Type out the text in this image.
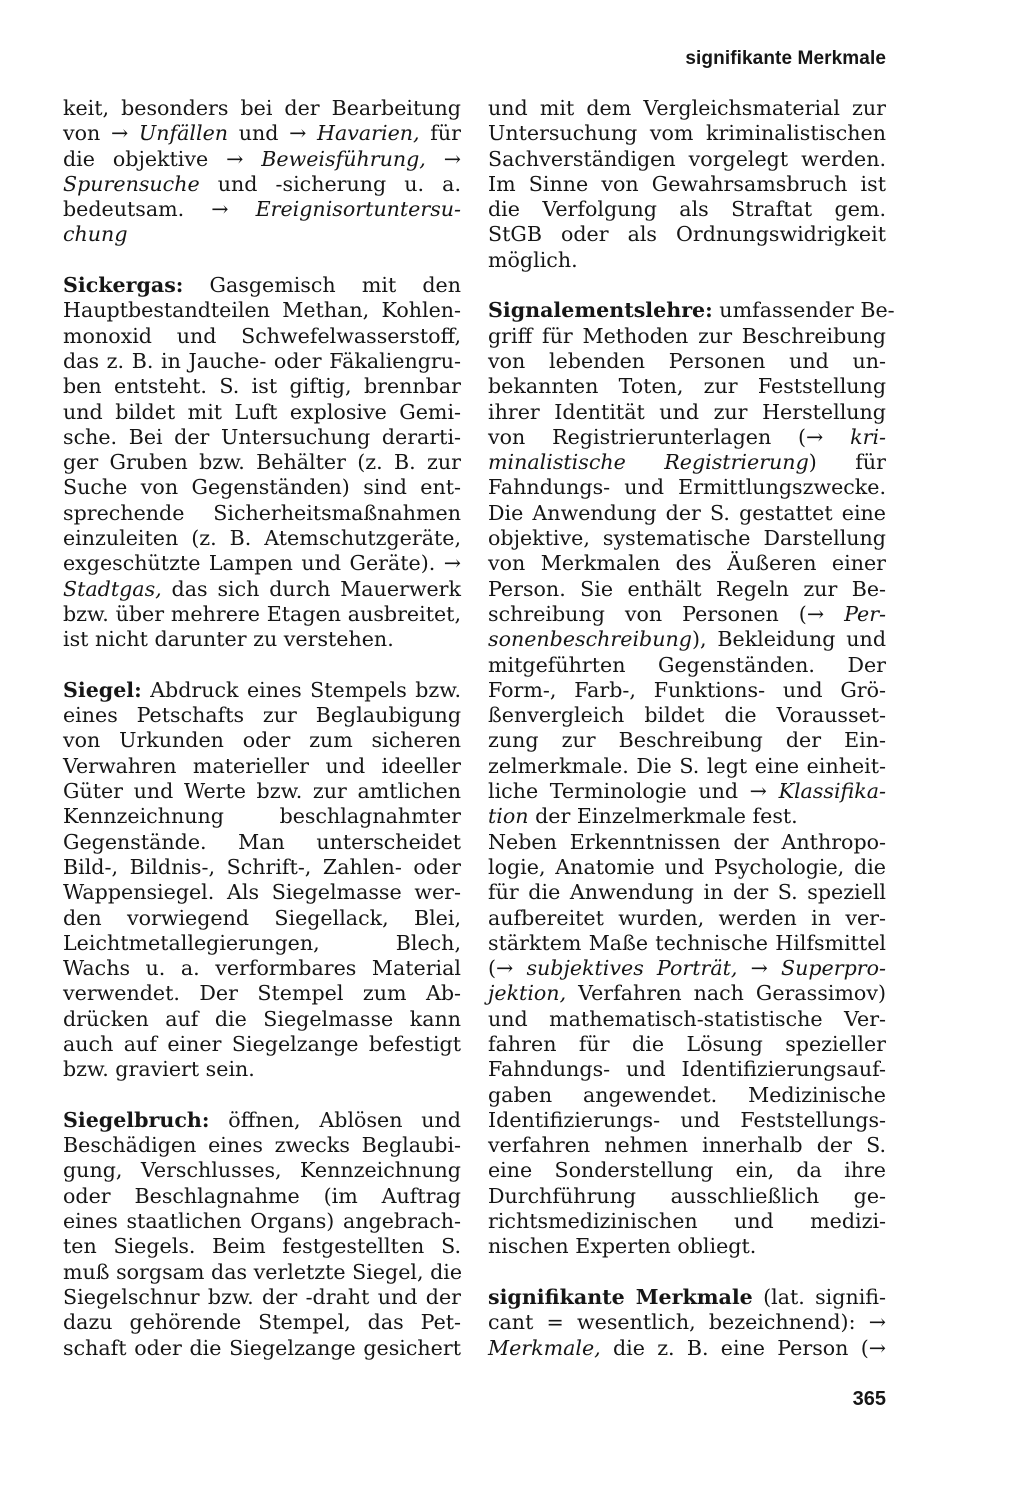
signifikante Merkmale
keit, besonders bei der Bearbeitung
von → Unfällen und → Havarien, für
die objektive → Beweisführung, →
Spurensuche und -sicherung u. a.
bedeutsam. → Ereignisortuntersu-
chung
Sickergas: Gasgemisch mit den
Hauptbestandteilen Methan, Kohlen-
monoxid und Schwefelwasserstoff,
das z. B. in Jauche- oder Fäkaliengru-
ben entsteht. S. ist giftig, brennbar
und bildet mit Luft explosive Gemi-
sche. Bei der Untersuchung derarti-
ger Gruben bzw. Behälter (z. B. zur
Suche von Gegenständen) sind ent-
sprechende Sicherheitsmaßnahmen
einzuleiten (z. B. Atemschutzgeräte,
exgeschützte Lampen und Geräte). →
Stadtgas, das sich durch Mauerwerk
bzw. über mehrere Etagen ausbreitet,
ist nicht darunter zu verstehen.
Siegel: Abdruck eines Stempels bzw.
eines Petschafts zur Beglaubigung
von Urkunden oder zum sicheren
Verwahren materieller und ideeller
Güter und Werte bzw. zur amtlichen
Kennzeichnung beschlagnahmter
Gegenstände. Man unterscheidet
Bild-, Bildnis-, Schrift-, Zahlen- oder
Wappensiegel. Als Siegelmasse wer-
den vorwiegend Siegellack, Blei,
Leichtmetallegierungen, Blech,
Wachs u. a. verformbares Material
verwendet. Der Stempel zum Ab-
drücken auf die Siegelmasse kann
auch auf einer Siegelzange befestigt
bzw. graviert sein.
Siegelbruch: öffnen, Ablösen und
Beschädigen eines zwecks Beglaubi-
gung, Verschlusses, Kennzeichnung
oder Beschlagnahme (im Auftrag
eines staatlichen Organs) angebrach-
ten Siegels. Beim festgestellten S.
muß sorgsam das verletzte Siegel, die
Siegelschnur bzw. der -draht und der
dazu gehörende Stempel, das Pet-
schaft oder die Siegelzange gesichert
und mit dem Vergleichsmaterial zur
Untersuchung vom kriminalistischen
Sachverständigen vorgelegt werden.
Im Sinne von Gewahrsamsbruch ist
die Verfolgung als Straftat gem.
StGB oder als Ordnungswidrigkeit
möglich.
Signalementslehre: umfassender Be-
griff für Methoden zur Beschreibung
von lebenden Personen und un-
bekannten Toten, zur Feststellung
ihrer Identität und zur Herstellung
von Registrierunterlagen (→ kri-
minalistische Registrierung) für
Fahndungs- und Ermittlungszwecke.
Die Anwendung der S. gestattet eine
objektive, systematische Darstellung
von Merkmalen des Äußeren einer
Person. Sie enthält Regeln zur Be-
schreibung von Personen (→ Per-
sonenbeschreibung), Bekleidung und
mitgeführten Gegenständen. Der
Form-, Farb-, Funktions- und Grö-
ßenvergleich bildet die Vorausset-
zung zur Beschreibung der Ein-
zelmerkmale. Die S. legt eine einheit-
liche Terminologie und → Klassifika-
tion der Einzelmerkmale fest.
Neben Erkenntnissen der Anthropo-
logie, Anatomie und Psychologie, die
für die Anwendung in der S. speziell
aufbereitet wurden, werden in ver-
stärktem Maße technische Hilfsmittel
(→ subjektives Porträt, → Superpro-
jektion, Verfahren nach Gerassimov)
und mathematisch-statistische Ver-
fahren für die Lösung spezieller
Fahndungs- und Identifizierungsauf-
gaben angewendet. Medizinische
Identifizierungs- und Feststellungs-
verfahren nehmen innerhalb der S.
eine Sonderstellung ein, da ihre
Durchführung ausschließlich ge-
richtsmedizinischen und medizi-
nischen Experten obliegt.
signifikante Merkmale (lat. signifi-
cant = wesentlich, bezeichnend): →
Merkmale, die z. B. eine Person (→
365
